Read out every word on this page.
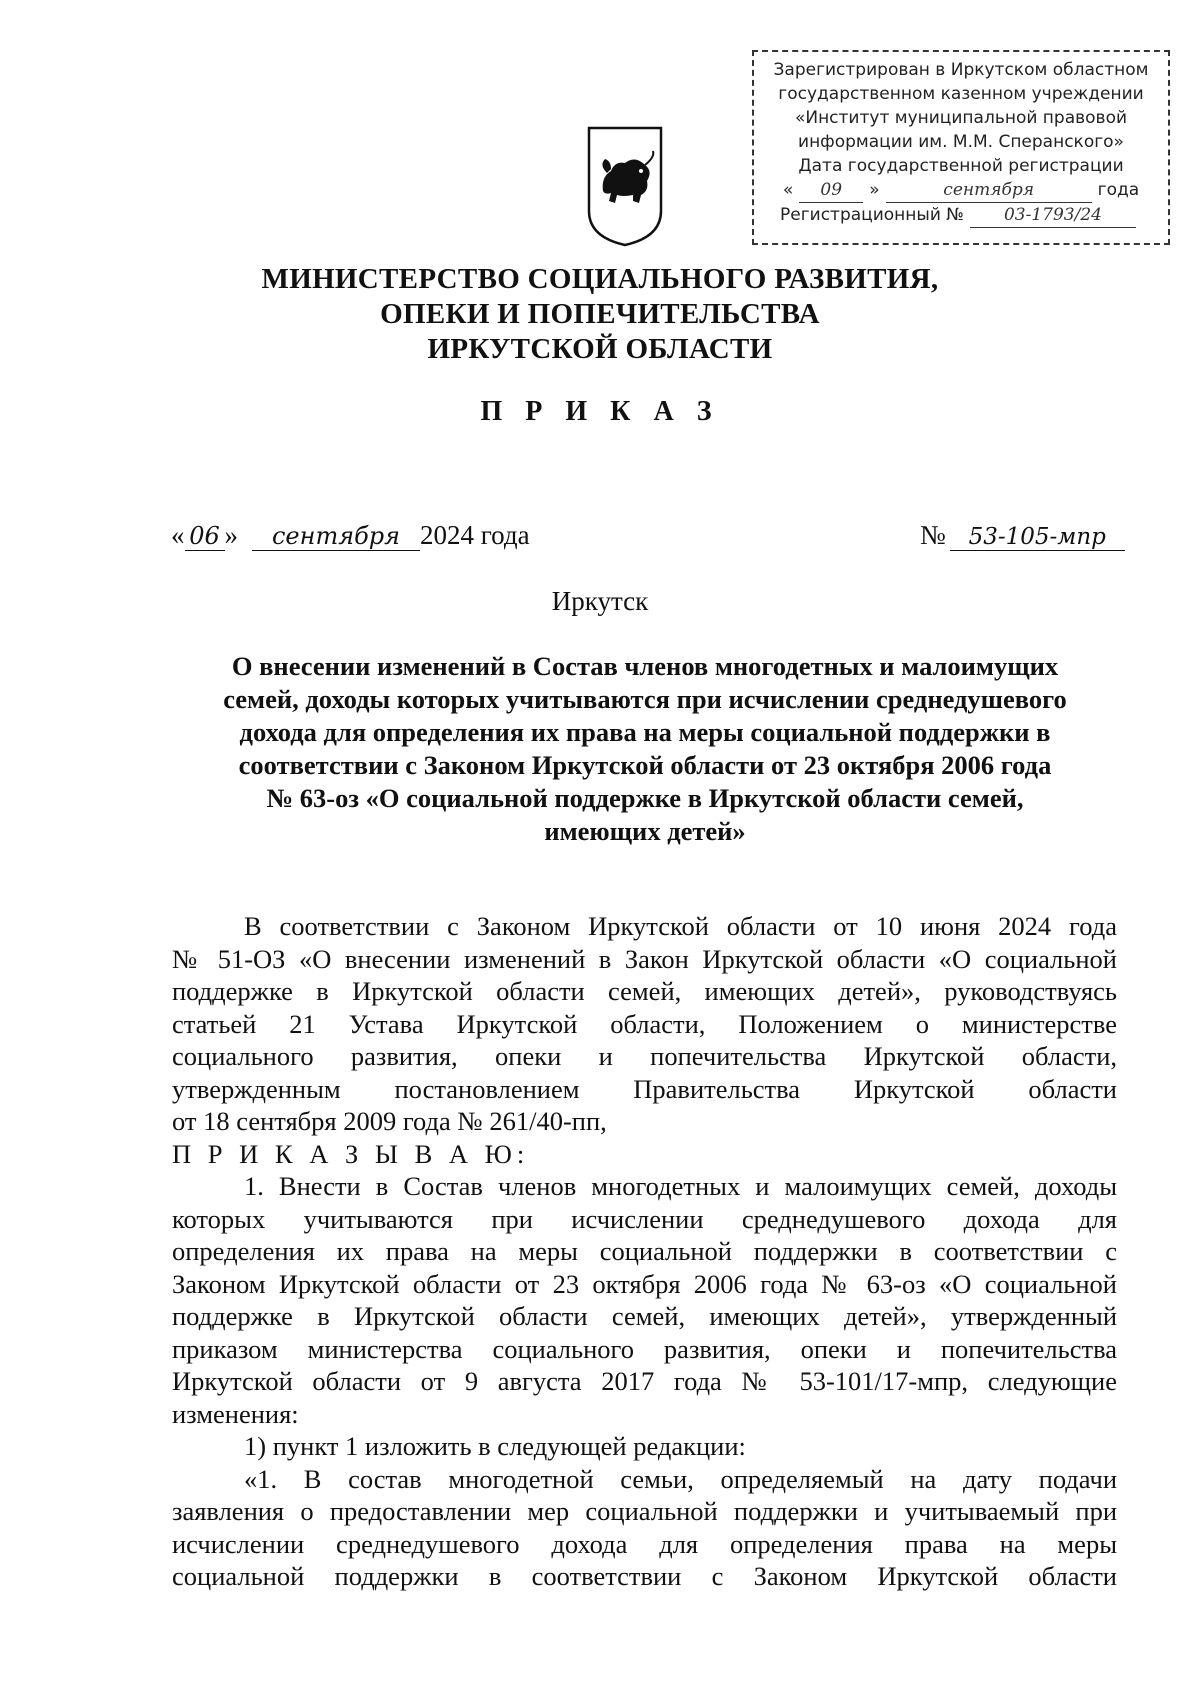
Зарегистрирован в Иркутском областном
государственном казенном учреждении
«Институт муниципальной правовой
информации им. М.М. Сперанского»
Дата государственной регистрации
«	09	»	сентября	года
Регистрационный №	03-1793/24
МИНИСТЕРСТВО СОЦИАЛЬНОГО РАЗВИТИЯ,
ОПЕКИ И ПОПЕЧИТЕЛЬСТВА
ИРКУТСКОЙ ОБЛАСТИ
П Р И К А З
« 06 »	сентября 2024 года	№ 53-105-мпр
Иркутск
О внесении изменений в Состав членов многодетных и малоимущих
семей, доходы которых учитываются при исчислении среднедушевого
дохода для определения их права на меры социальной поддержки в
соответствии с Законом Иркутской области от 23 октября 2006 года
№ 63-оз «О социальной поддержке в Иркутской области семей,
имеющих детей»
В соответствии с Законом Иркутской области от 10 июня 2024 года
№ 51-ОЗ «О внесении изменений в Закон Иркутской области «О социальной
поддержке в Иркутской области семей, имеющих детей», руководствуясь
статьей 21 Устава Иркутской области, Положением о министерстве
социального развития, опеки и попечительства Иркутской области,
утвержденным постановлением Правительства Иркутской области
от 18 сентября 2009 года № 261/40-пп,
П Р И К А З Ы В А Ю:
1. Внести в Состав членов многодетных и малоимущих семей, доходы
которых учитываются при исчислении среднедушевого дохода для
определения их права на меры социальной поддержки в соответствии с
Законом Иркутской области от 23 октября 2006 года № 63-оз «О социальной
поддержке в Иркутской области семей, имеющих детей», утвержденный
приказом министерства социального развития, опеки и попечительства
Иркутской области от 9 августа 2017 года № 53-101/17-мпр, следующие
изменения:
1) пункт 1 изложить в следующей редакции:
«1. В состав многодетной семьи, определяемый на дату подачи
заявления о предоставлении мер социальной поддержки и учитываемый при
исчислении среднедушевого дохода для определения права на меры
социальной поддержки в соответствии с Законом Иркутской области
